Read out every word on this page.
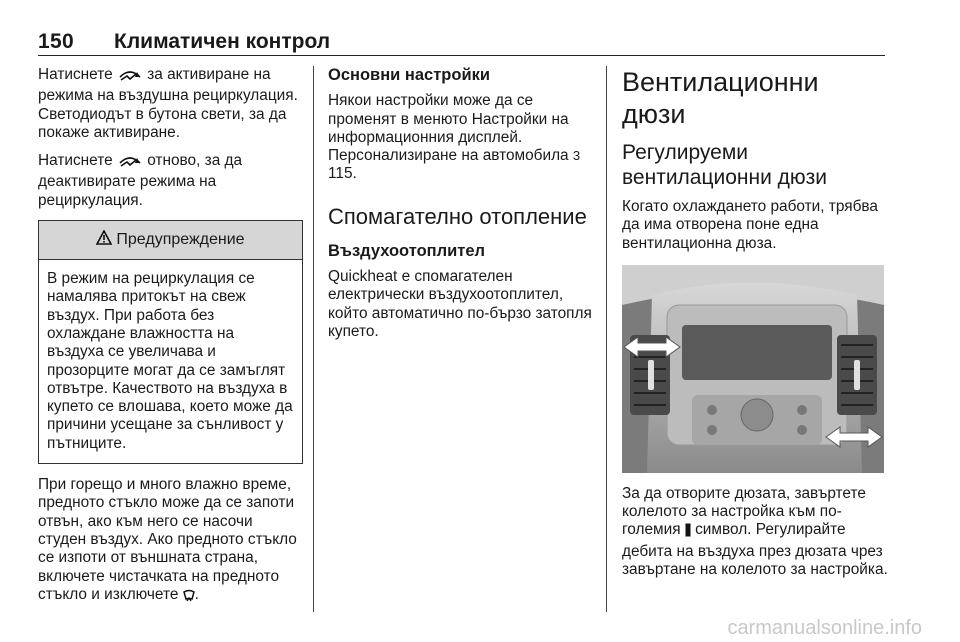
150 Климатичен контрол

Натиснете  за активиране на режима на въздушна рециркулация. Светодиодът в бутона свети, за да покаже активиране.

Натиснете  отново, за да деактивирате режима на рециркулация.

Предупреждение
В режим на рециркулация се намалява притокът на свеж въздух. При работа без охлаждане влажността на въздуха се увеличава и прозорците могат да се замъглят отвътре. Качеството на въздуха в купето се влошава, което може да причини усещане за сънливост у пътниците.

При горещо и много влажно време, предното стъкло може да се запоти отвън, ако към него се насочи студен въздух. Ако предното стъкло се изпоти от външната страна, включете чистачката на предното стъкло и изключете .

Основни настройки

Някои настройки може да се променят в менюто Настройки на информационния дисплей. Персонализиране на автомобила 3 115.

Спомагателно отопление
Въздухоотоплител

Quickheat е спомагателен електрически въздухоотоплител, който автоматично по-бързо затопля купето.

Вентилационни дюзи
Регулируеми вентилационни дюзи

Когато охлаждането работи, трябва да има отворена поне една вентилационна дюза.

За да отворите дюзата, завъртете колелото за настройка към по-големия  символ. Регулирайте дебита на въздуха през дюзата чрез завъртане на колелото за настройка.

carmanualsonline.info
